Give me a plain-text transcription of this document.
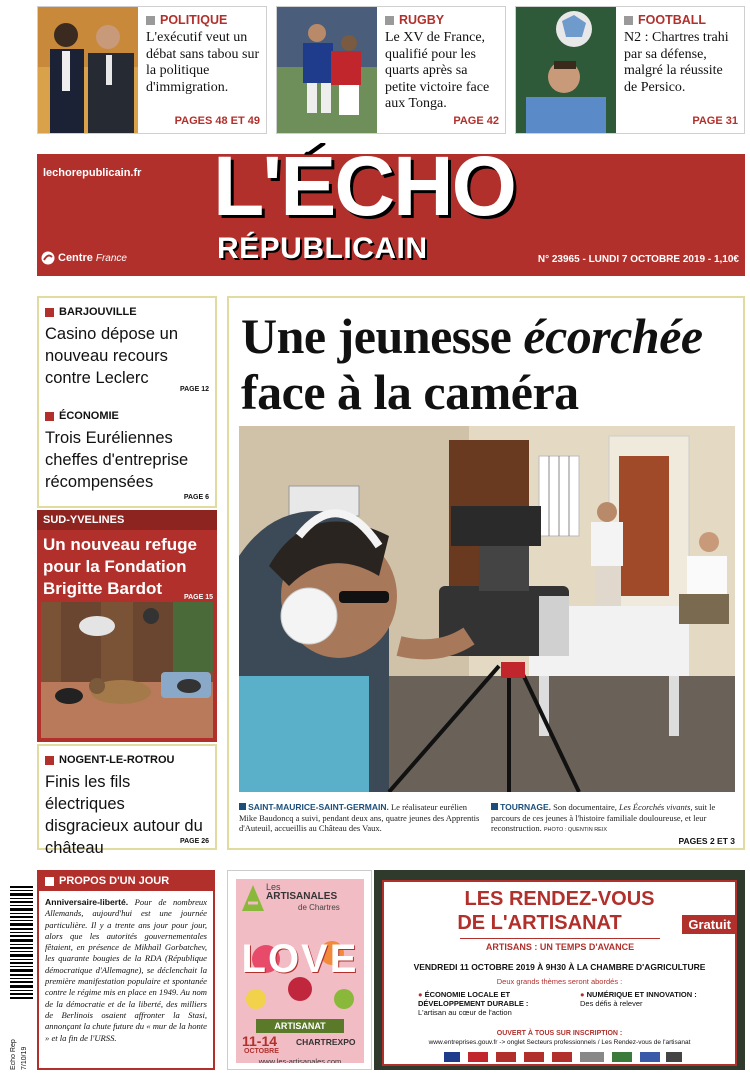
POLITIQUE
L'exécutif veut un débat sans tabou sur la politique d'immigration.
PAGES 48 ET 49
RUGBY
Le XV de France, qualifié pour les quarts après sa petite victoire face aux Tonga.
PAGE 42
FOOTBALL
N2 : Chartres trahi par sa défense, malgré la réussite de Persico.
PAGE 31
lechorepublicain.fr L'ÉCHO
RÉPUBLICAIN
Centre France	N° 23965 - LUNDI 7 OCTOBRE 2019 - 1,10€
BARJOUVILLE
Casino dépose un nouveau recours contre Leclerc
PAGE 12
ÉCONOMIE
Trois Euréliennes cheffes d'entreprise récompensées
PAGE 6
SUD-YVELINES
Un nouveau refuge pour la Fondation Brigitte Bardot	PAGE 15
NOGENT-LE-ROTROU
Finis les fils électriques disgracieux autour du château	PAGE 26
Une jeunesse écorchée
face à la caméra
SAINT-MAURICE-SAINT-GERMAIN. Le réalisateur eurélien Mike Baudoncq a suivi, pendant deux ans, quatre jeunes des Apprentis d'Auteuil, accueillis au Château des Vaux.
TOURNAGE. Son documentaire, Les Écorchés vivants, suit le parcours de ces jeunes à l'histoire familiale douloureuse, et leur reconstruction. PHOTO : QUENTIN REIX
PAGES 2 ET 3
Echo Rep 7/10/19
PROPOS D'UN JOUR
Anniversaire-liberté. Pour de nombreux Allemands, aujourd'hui est une journée particulière. Il y a trente ans jour pour jour, alors que les autorités gouvernementales fêtaient, en présence de Mikhaïl Gorbatchev, les quarante bougies de la RDA (République démocratique d'Allemagne), se déclenchait la première manifestation populaire et spontanée contre le régime mis en place en 1949. Au nom de la démocratie et de la liberté, des milliers de Berlinois osaient affronter la Stasi, annonçant la chute future du « mur de la honte » et la fin de l'URSS.
Les
ARTISANALES
de Chartres
LOVE
ARTISANAT
11-14
OCTOBRE
CHARTREXPO
www.les-artisanales.com
LES RENDEZ-VOUS
DE L'ARTISANAT	Gratuit
ARTISANS : UN TEMPS D'AVANCE
VENDREDI 11 OCTOBRE 2019 À 9H30 À LA CHAMBRE D'AGRICULTURE
Deux grands thèmes seront abordés :
● ÉCONOMIE LOCALE ET DÉVELOPPEMENT DURABLE :
L'artisan au cœur de l'action
● NUMÉRIQUE ET INNOVATION :
Des défis à relever
OUVERT À TOUS SUR INSCRIPTION :
www.entreprises.gouv.fr -> onglet Secteurs professionnels / Les Rendez-vous de l'artisanat
